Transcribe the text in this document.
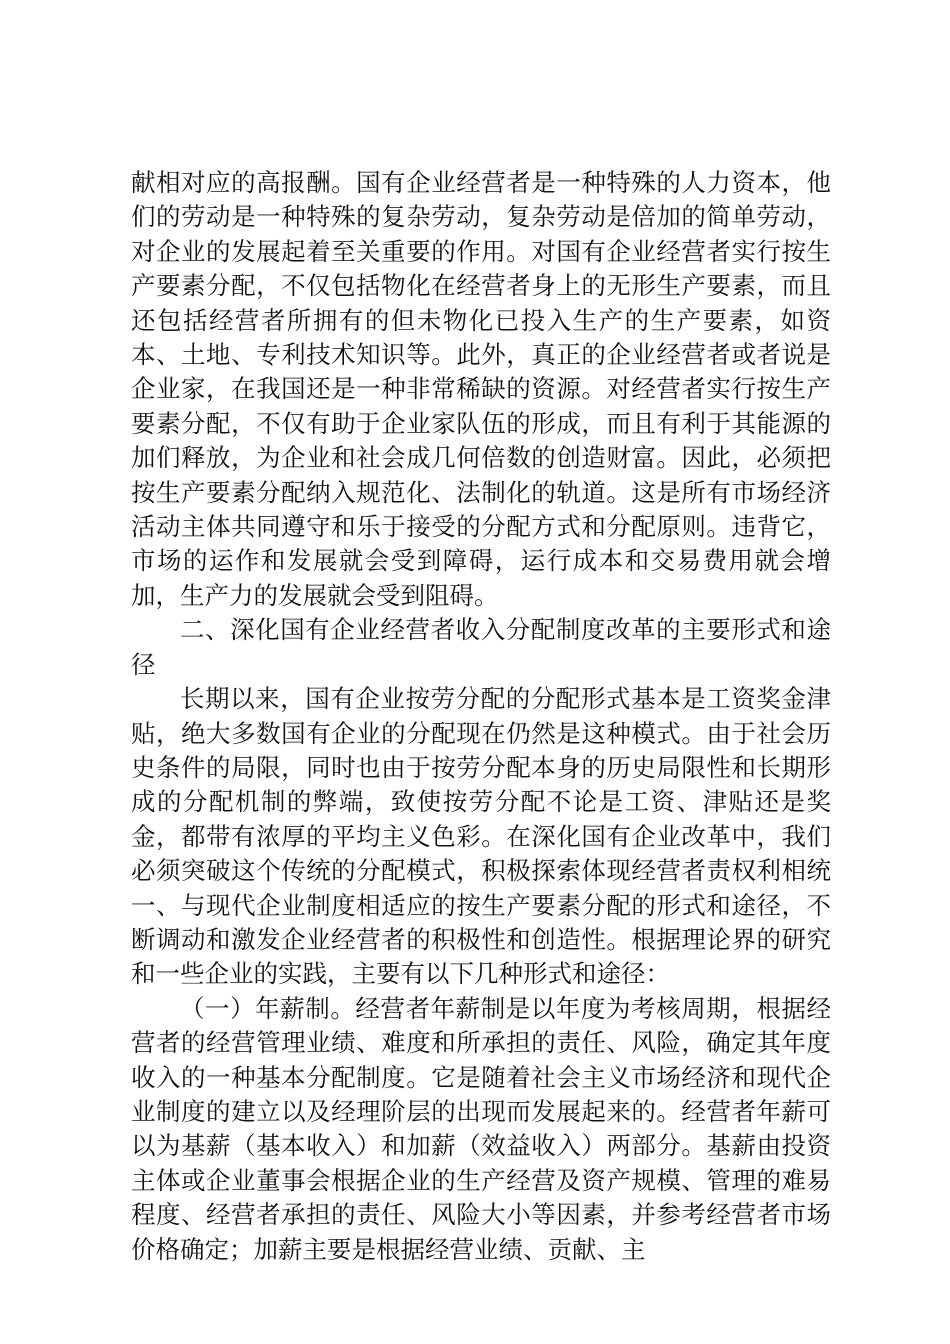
献相对应的高报酬。国有企业经营者是一种特殊的人力资本，他们的劳动是一种特殊的复杂劳动，复杂劳动是倍加的简单劳动，对企业的发展起着至关重要的作用。对国有企业经营者实行按生产要素分配，不仅包括物化在经营者身上的无形生产要素，而且还包括经营者所拥有的但未物化已投入生产的生产要素，如资本、土地、专利技术知识等。此外，真正的企业经营者或者说是企业家，在我国还是一种非常稀缺的资源。对经营者实行按生产要素分配，不仅有助于企业家队伍的形成，而且有利于其能源的加们释放，为企业和社会成几何倍数的创造财富。因此，必须把按生产要素分配纳入规范化、法制化的轨道。这是所有市场经济活动主体共同遵守和乐于接受的分配方式和分配原则。违背它，市场的运作和发展就会受到障碍，运行成本和交易费用就会增加，生产力的发展就会受到阻碍。

二、深化国有企业经营者收入分配制度改革的主要形式和途径

长期以来，国有企业按劳分配的分配形式基本是工资奖金津贴，绝大多数国有企业的分配现在仍然是这种模式。由于社会历史条件的局限，同时也由于按劳分配本身的历史局限性和长期形成的分配机制的弊端，致使按劳分配不论是工资、津贴还是奖金，都带有浓厚的平均主义色彩。在深化国有企业改革中，我们必须突破这个传统的分配模式，积极探索体现经营者责权利相统一、与现代企业制度相适应的按生产要素分配的形式和途径，不断调动和激发企业经营者的积极性和创造性。根据理论界的研究和一些企业的实践，主要有以下几种形式和途径：

（一）年薪制。经营者年薪制是以年度为考核周期，根据经营者的经营管理业绩、难度和所承担的责任、风险，确定其年度收入的一种基本分配制度。它是随着社会主义市场经济和现代企业制度的建立以及经理阶层的出现而发展起来的。经营者年薪可以为基薪（基本收入）和加薪（效益收入）两部分。基薪由投资主体或企业董事会根据企业的生产经营及资产规模、管理的难易程度、经营者承担的责任、风险大小等因素，并参考经营者市场价格确定；加薪主要是根据经营业绩、贡献、主
